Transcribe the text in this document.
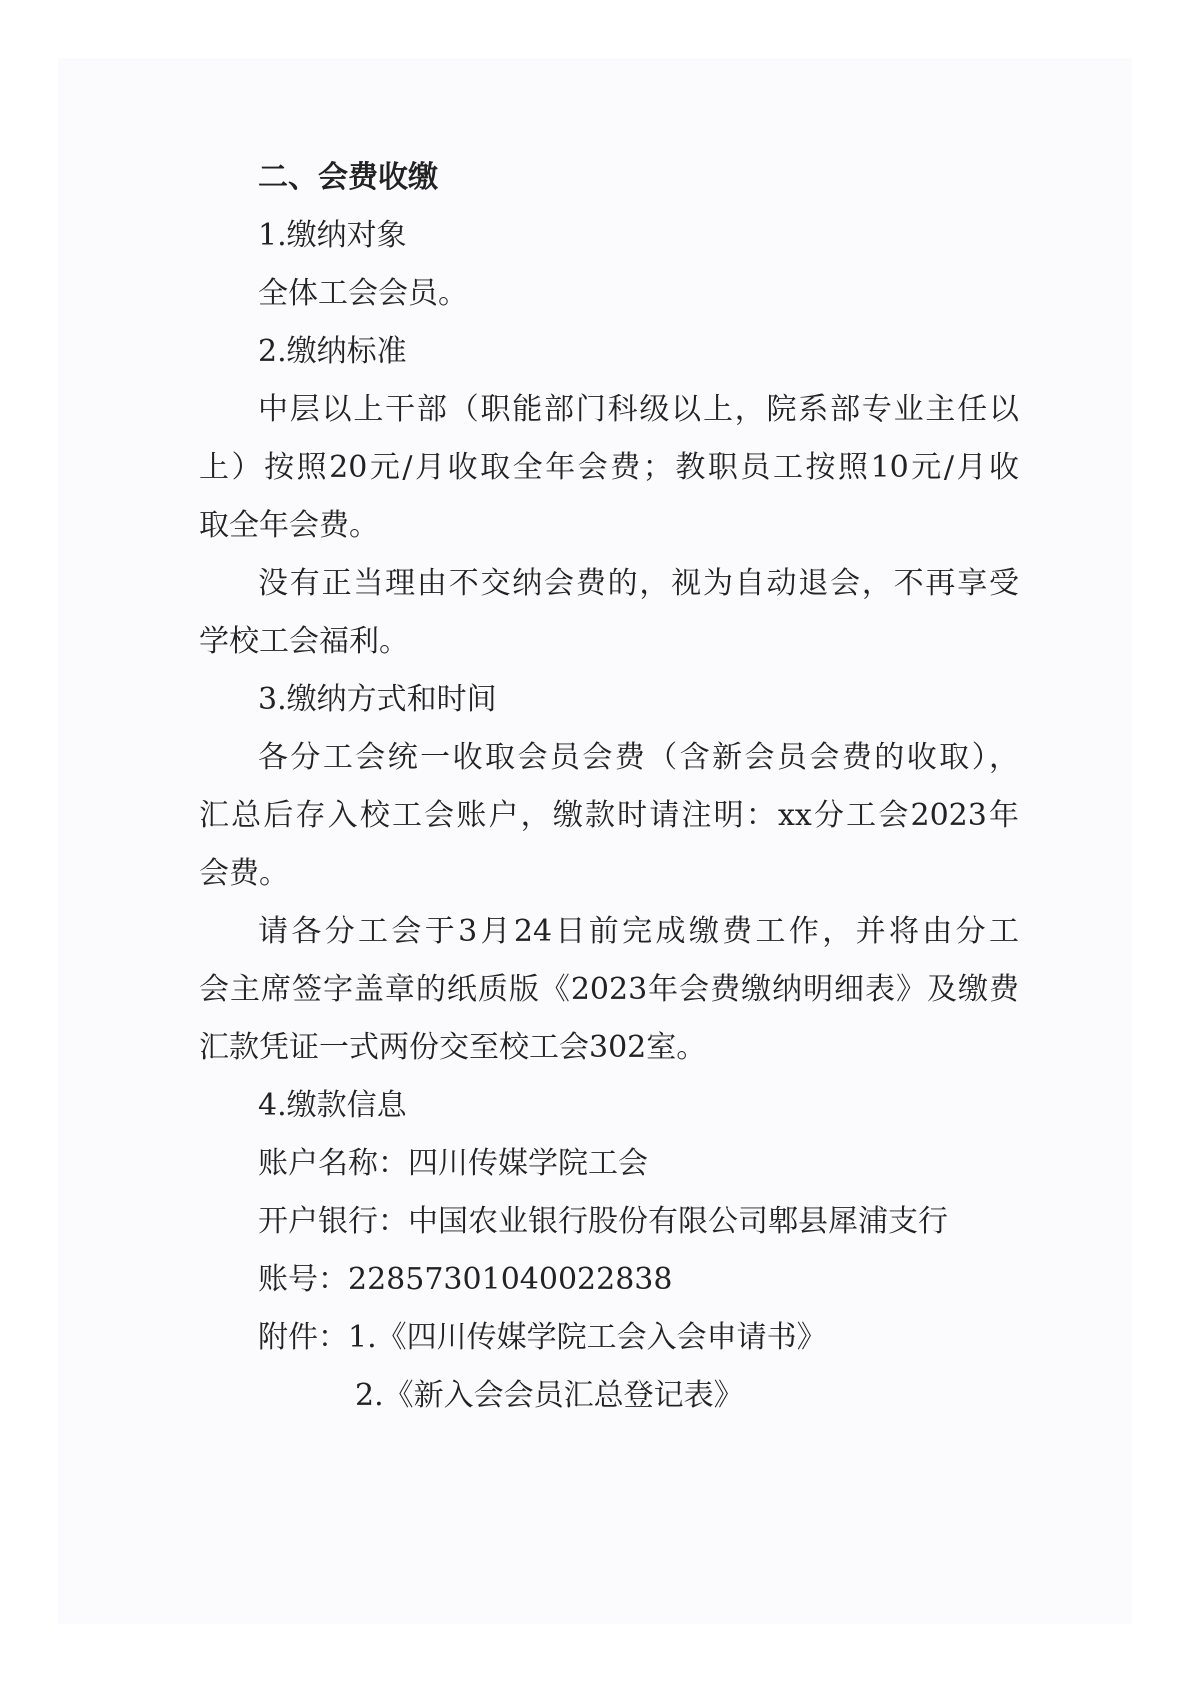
二、会费收缴
1.缴纳对象
全体工会会员。
2.缴纳标准
中层以上干部（职能部门科级以上，院系部专业主任以
上）按照20元/月收取全年会费；教职员工按照10元/月收
取全年会费。
没有正当理由不交纳会费的，视为自动退会，不再享受
学校工会福利。
3.缴纳方式和时间
各分工会统一收取会员会费（含新会员会费的收取），
汇总后存入校工会账户，缴款时请注明：xx分工会2023年
会费。
请各分工会于3月24日前完成缴费工作，并将由分工
会主席签字盖章的纸质版《2023年会费缴纳明细表》及缴费
汇款凭证一式两份交至校工会302室。
4.缴款信息
账户名称：四川传媒学院工会
开户银行：中国农业银行股份有限公司郫县犀浦支行
账号：22857301040022838
附件：1.《四川传媒学院工会入会申请书》
2.《新入会会员汇总登记表》
